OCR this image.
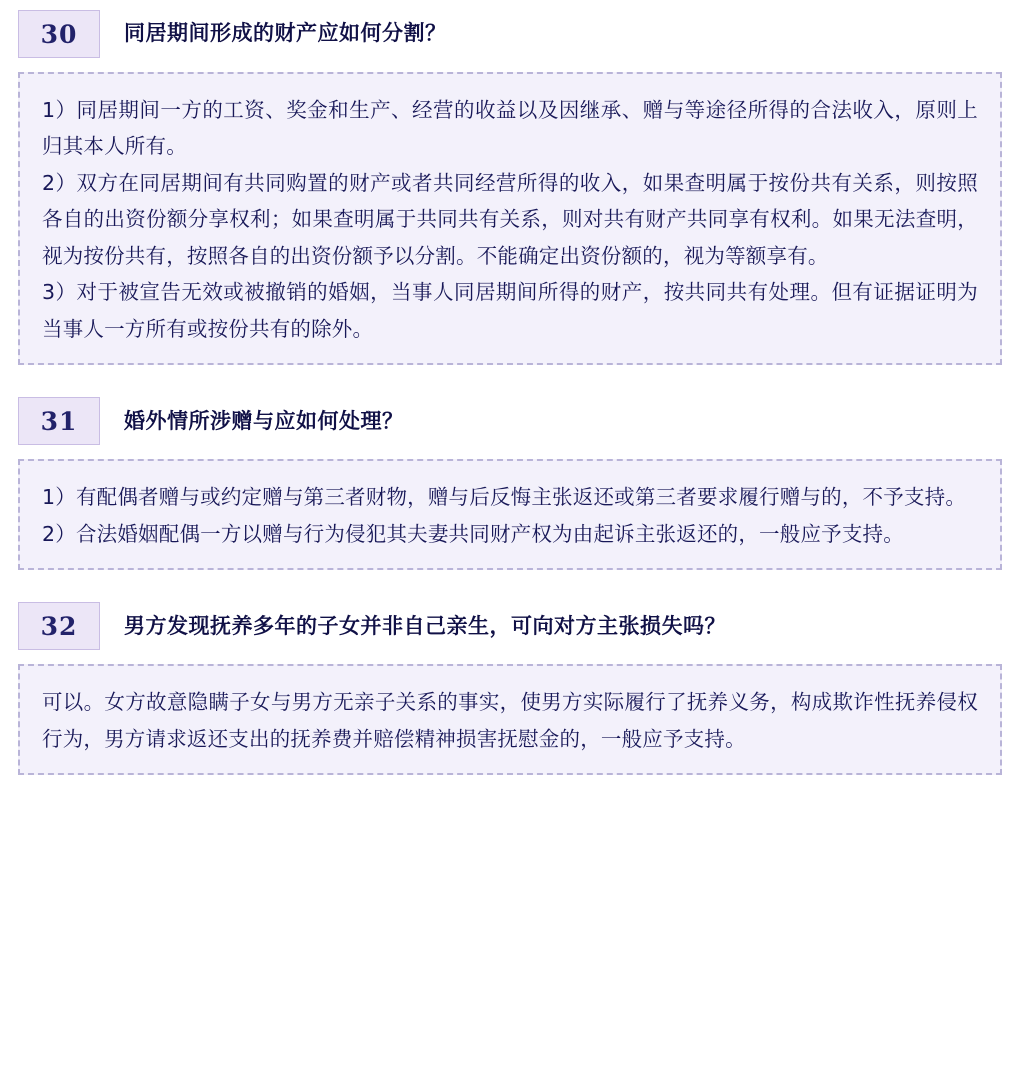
30	同居期间形成的财产应如何分割？
1）同居期间一方的工资、奖金和生产、经营的收益以及因继承、赠与等途径所得的合法收入，原则上归其本人所有。
2）双方在同居期间有共同购置的财产或者共同经营所得的收入，如果查明属于按份共有关系，则按照各自的出资份额分享权利；如果查明属于共同共有关系，则对共有财产共同享有权利。如果无法查明，视为按份共有，按照各自的出资份额予以分割。不能确定出资份额的，视为等额享有。
3）对于被宣告无效或被撤销的婚姻，当事人同居期间所得的财产，按共同共有处理。但有证据证明为当事人一方所有或按份共有的除外。
31	婚外情所涉赠与应如何处理？
1）有配偶者赠与或约定赠与第三者财物，赠与后反悔主张返还或第三者要求履行赠与的，不予支持。
2）合法婚姻配偶一方以赠与行为侵犯其夫妻共同财产权为由起诉主张返还的，一般应予支持。
32	男方发现抚养多年的子女并非自己亲生，可向对方主张损失吗？
可以。女方故意隐瞒子女与男方无亲子关系的事实，使男方实际履行了抚养义务，构成欺诈性抚养侵权行为，男方请求返还支出的抚养费并赔偿精神损害抚慰金的，一般应予支持。
